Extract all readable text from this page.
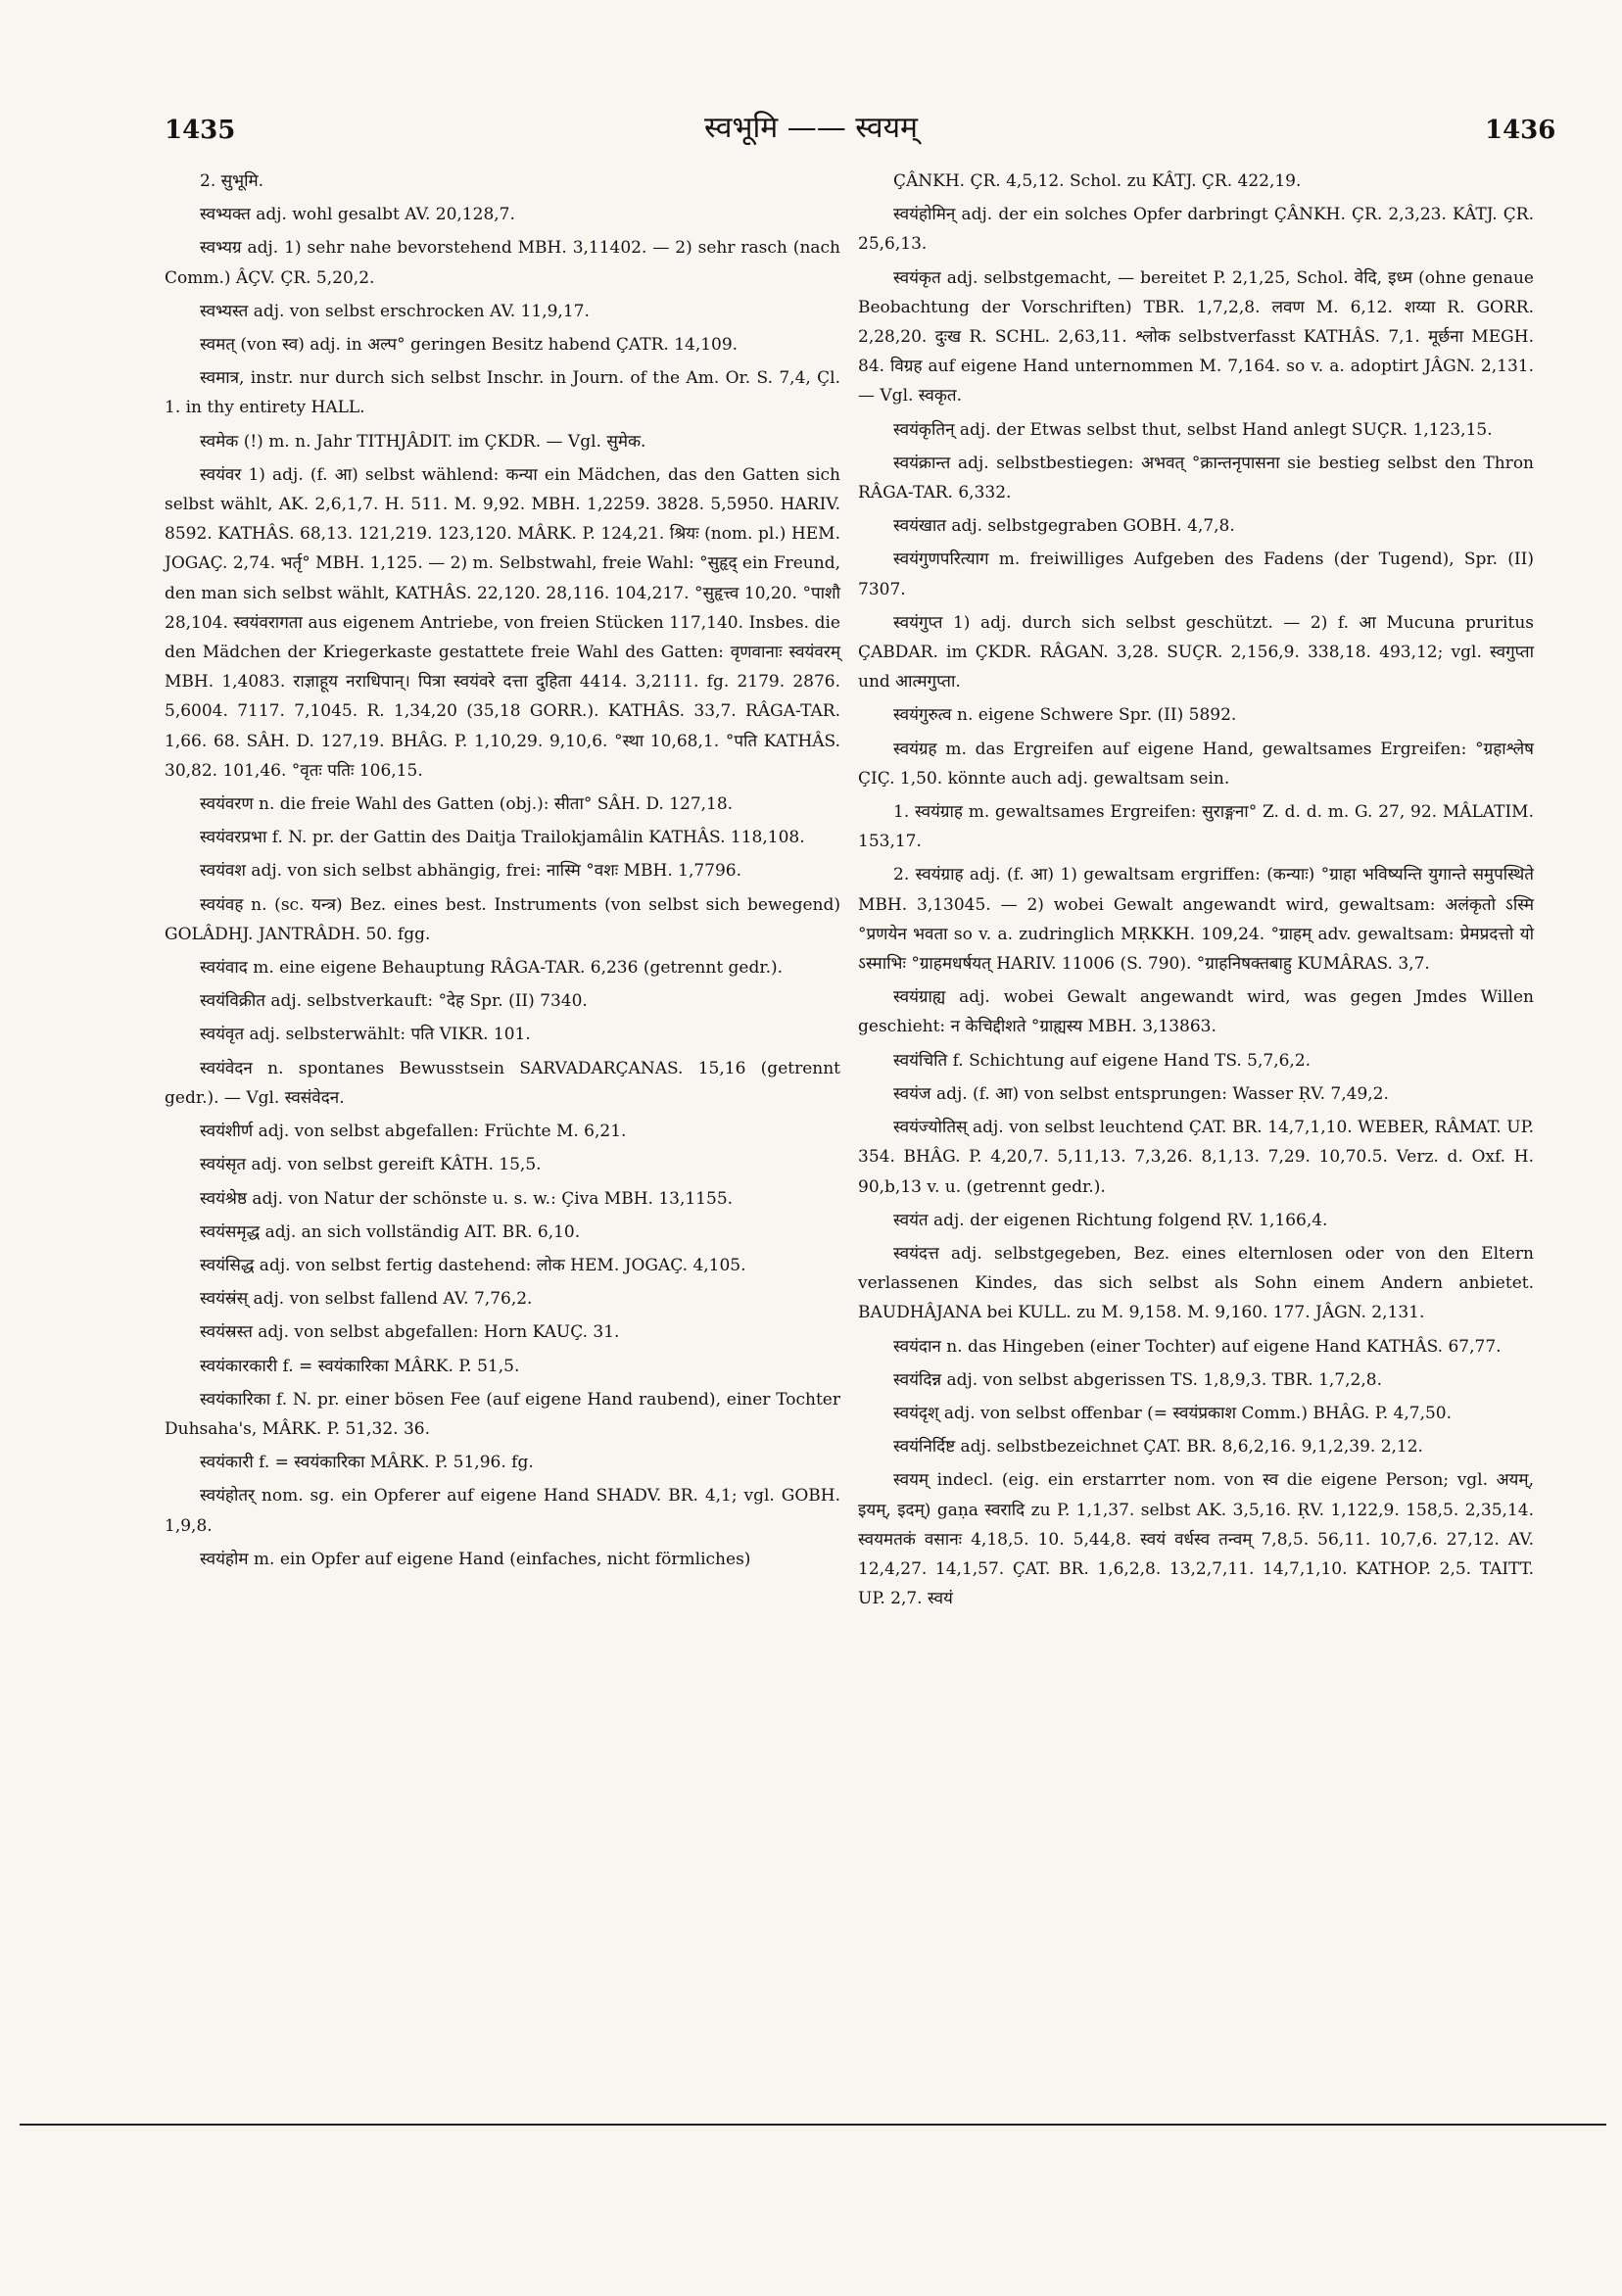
1435	स्वभूमि —— स्वयम्	1436

2. सुभूमि.

स्वभ्यक्त adj. wohl gesalbt AV. 20,128,7.

स्वभ्यग्र adj. 1) sehr nahe bevorstehend MBH. 3,11402. — 2) sehr rasch (nach Comm.) ÂÇV. ÇR. 5,20,2.

स्वभ्यस्त adj. von selbst erschrocken AV. 11,9,17.

स्वमत् (von स्व) adj. in अल्प° geringen Besitz habend ÇATR. 14,109.

स्वमात्र, instr. nur durch sich selbst Inschr. in Journ. of the Am. Or. S. 7,4, Çl. 1. in thy entirety HALL.

स्वमेक (!) m. n. Jahr TITHJÂDIT. im ÇKDR. — Vgl. सुमेक.

स्वयंवर 1) adj. (f. आ) selbst wählend: कन्या ein Mädchen, das den Gatten sich selbst wählt, AK. 2,6,1,7. H. 511. M. 9,92. MBH. 1,2259. 3828. 5,5950. HARIV. 8592. KATHÂS. 68,13. 121,219. 123,120. MÂRK. P. 124,21. श्रियः (nom. pl.) HEM. JOGAÇ. 2,74. भर्तृ° MBH. 1,125. — 2) m. Selbstwahl, freie Wahl: °सुहृद् ein Freund, den man sich selbst wählt, KATHÂS. 22,120. 28,116. 104,217. °सुहृत्त्व 10,20. °पाशौ 28,104. स्वयंवरागता aus eigenem Antriebe, von freien Stücken 117,140. Insbes. die den Mädchen der Kriegerkaste gestattete freie Wahl des Gatten: वृणवानाः स्वयंवरम् MBH. 1,4083. राज्ञाहूय नराधिपान्। पित्रा स्वयंवरे दत्ता दुहिता 4414. 3,2111. fg. 2179. 2876. 5,6004. 7117. 7,1045. R. 1,34,20 (35,18 GORR.). KATHÂS. 33,7. RÂGA-TAR. 1,66. 68. SÂH. D. 127,19. BHÂG. P. 1,10,29. 9,10,6. °स्था 10,68,1. °पति KATHÂS. 30,82. 101,46. °वृतः पतिः 106,15.

स्वयंवरण n. die freie Wahl des Gatten (obj.): सीता° SÂH. D. 127,18.

स्वयंवरप्रभा f. N. pr. der Gattin des Daitja Trailokjamâlin KATHÂS. 118,108.

स्वयंवश adj. von sich selbst abhängig, frei: नास्मि °वशः MBH. 1,7796.

स्वयंवह n. (sc. यन्त्र) Bez. eines best. Instruments (von selbst sich bewegend) GOLÂDHJ. JANTRÂDH. 50. fgg.

स्वयंवाद m. eine eigene Behauptung RÂGA-TAR. 6,236 (getrennt gedr.).

स्वयंविक्रीत adj. selbstverkauft: °देह Spr. (II) 7340.

स्वयंवृत adj. selbsterwählt: पति VIKR. 101.

स्वयंवेदन n. spontanes Bewusstsein SARVADARÇANAS. 15,16 (getrennt gedr.). — Vgl. स्वसंवेदन.

स्वयंशीर्ण adj. von selbst abgefallen: Früchte M. 6,21.

स्वयंसृत adj. von selbst gereift KÂTH. 15,5.

स्वयंश्रेष्ठ adj. von Natur der schönste u. s. w.: Çiva MBH. 13,1155.

स्वयंसमृद्ध adj. an sich vollständig AIT. BR. 6,10.

स्वयंसिद्ध adj. von selbst fertig dastehend: लोक HEM. JOGAÇ. 4,105.

स्वयंस्रंस् adj. von selbst fallend AV. 7,76,2.

स्वयंस्रस्त adj. von selbst abgefallen: Horn KAUÇ. 31.

स्वयंकारकारी f. = स्वयंकारिका MÂRK. P. 51,5.

स्वयंकारिका f. N. pr. einer bösen Fee (auf eigene Hand raubend), einer Tochter Duhsaha's, MÂRK. P. 51,32. 36.

स्वयंकारी f. = स्वयंकारिका MÂRK. P. 51,96. fg.

स्वयंहोतर् nom. sg. ein Opferer auf eigene Hand SHADV. BR. 4,1; vgl. GOBH. 1,9,8.

स्वयंहोम m. ein Opfer auf eigene Hand (einfaches, nicht förmliches)

ÇÂNKH. ÇR. 4,5,12. Schol. zu KÂTJ. ÇR. 422,19.

स्वयंहोमिन् adj. der ein solches Opfer darbringt ÇÂNKH. ÇR. 2,3,23. KÂTJ. ÇR. 25,6,13.

स्वयंकृत adj. selbstgemacht, — bereitet P. 2,1,25, Schol. वेदि, इध्म (ohne genaue Beobachtung der Vorschriften) TBR. 1,7,2,8. लवण M. 6,12. शय्या R. GORR. 2,28,20. दुःख R. SCHL. 2,63,11. श्लोक selbstverfasst KATHÂS. 7,1. मूर्छना MEGH. 84. विग्रह auf eigene Hand unternommen M. 7,164. so v. a. adoptirt JÂGN. 2,131. — Vgl. स्वकृत.

स्वयंकृतिन् adj. der Etwas selbst thut, selbst Hand anlegt SUÇR. 1,123,15.

स्वयंक्रान्त adj. selbstbestiegen: अभवत् °क्रान्तनृपासना sie bestieg selbst den Thron RÂGA-TAR. 6,332.

स्वयंखात adj. selbstgegraben GOBH. 4,7,8.

स्वयंगुणपरित्याग m. freiwilliges Aufgeben des Fadens (der Tugend), Spr. (II) 7307.

स्वयंगुप्त 1) adj. durch sich selbst geschützt. — 2) f. आ Mucuna pruritus ÇABDAR. im ÇKDR. RÂGAN. 3,28. SUÇR. 2,156,9. 338,18. 493,12; vgl. स्वगुप्ता und आत्मगुप्ता.

स्वयंगुरुत्व n. eigene Schwere Spr. (II) 5892.

स्वयंग्रह m. das Ergreifen auf eigene Hand, gewaltsames Ergreifen: °ग्रहाश्लेष ÇIÇ. 1,50. könnte auch adj. gewaltsam sein.

1. स्वयंग्राह m. gewaltsames Ergreifen: सुराङ्गना° Z. d. d. m. G. 27, 92. MÂLATIM. 153,17.

2. स्वयंग्राह adj. (f. आ) 1) gewaltsam ergriffen: (कन्याः) °ग्राहा भविष्यन्ति युगान्ते समुपस्थिते MBH. 3,13045. — 2) wobei Gewalt angewandt wird, gewaltsam: अलंकृतो ऽस्मि °प्रणयेन भवता so v. a. zudringlich MṚKKH. 109,24. °ग्राहम् adv. gewaltsam: प्रेमप्रदत्तो यो ऽस्माभिः °ग्राहमधर्षयत् HARIV. 11006 (S. 790). °ग्राहनिषक्तबाहु KUMÂRAS. 3,7.

स्वयंग्राह्य adj. wobei Gewalt angewandt wird, was gegen Jmdes Willen geschieht: न केचिद्दीशते °ग्राह्यस्य MBH. 3,13863.

स्वयंचिति f. Schichtung auf eigene Hand TS. 5,7,6,2.

स्वयंज adj. (f. आ) von selbst entsprungen: Wasser ṚV. 7,49,2.

स्वयंज्योतिस् adj. von selbst leuchtend ÇAT. BR. 14,7,1,10. WEBER, RÂMAT. UP. 354. BHÂG. P. 4,20,7. 5,11,13. 7,3,26. 8,1,13. 7,29. 10,70.5. Verz. d. Oxf. H. 90,b,13 v. u. (getrennt gedr.).

स्वयंत adj. der eigenen Richtung folgend ṚV. 1,166,4.

स्वयंदत्त adj. selbstgegeben, Bez. eines elternlosen oder von den Eltern verlassenen Kindes, das sich selbst als Sohn einem Andern anbietet. BAUDHÂJANA bei KULL. zu M. 9,158. M. 9,160. 177. JÂGN. 2,131.

स्वयंदान n. das Hingeben (einer Tochter) auf eigene Hand KATHÂS. 67,77.

स्वयंदिन्न adj. von selbst abgerissen TS. 1,8,9,3. TBR. 1,7,2,8.

स्वयंदृश् adj. von selbst offenbar (= स्वयंप्रकाश Comm.) BHÂG. P. 4,7,50.

स्वयंनिर्दिष्ट adj. selbstbezeichnet ÇAT. BR. 8,6,2,16. 9,1,2,39. 2,12.

स्वयम् indecl. (eig. ein erstarrter nom. von स्व die eigene Person; vgl. अयम्, इयम्, इदम्) gaṇa स्वरादि zu P. 1,1,37. selbst AK. 3,5,16. ṚV. 1,122,9. 158,5. 2,35,14. स्वयमतकं वसानः 4,18,5. 10. 5,44,8. स्वयं वर्धस्व तन्वम् 7,8,5. 56,11. 10,7,6. 27,12. AV. 12,4,27. 14,1,57. ÇAT. BR. 1,6,2,8. 13,2,7,11. 14,7,1,10. KATHOP. 2,5. TAITT. UP. 2,7. स्वयं
